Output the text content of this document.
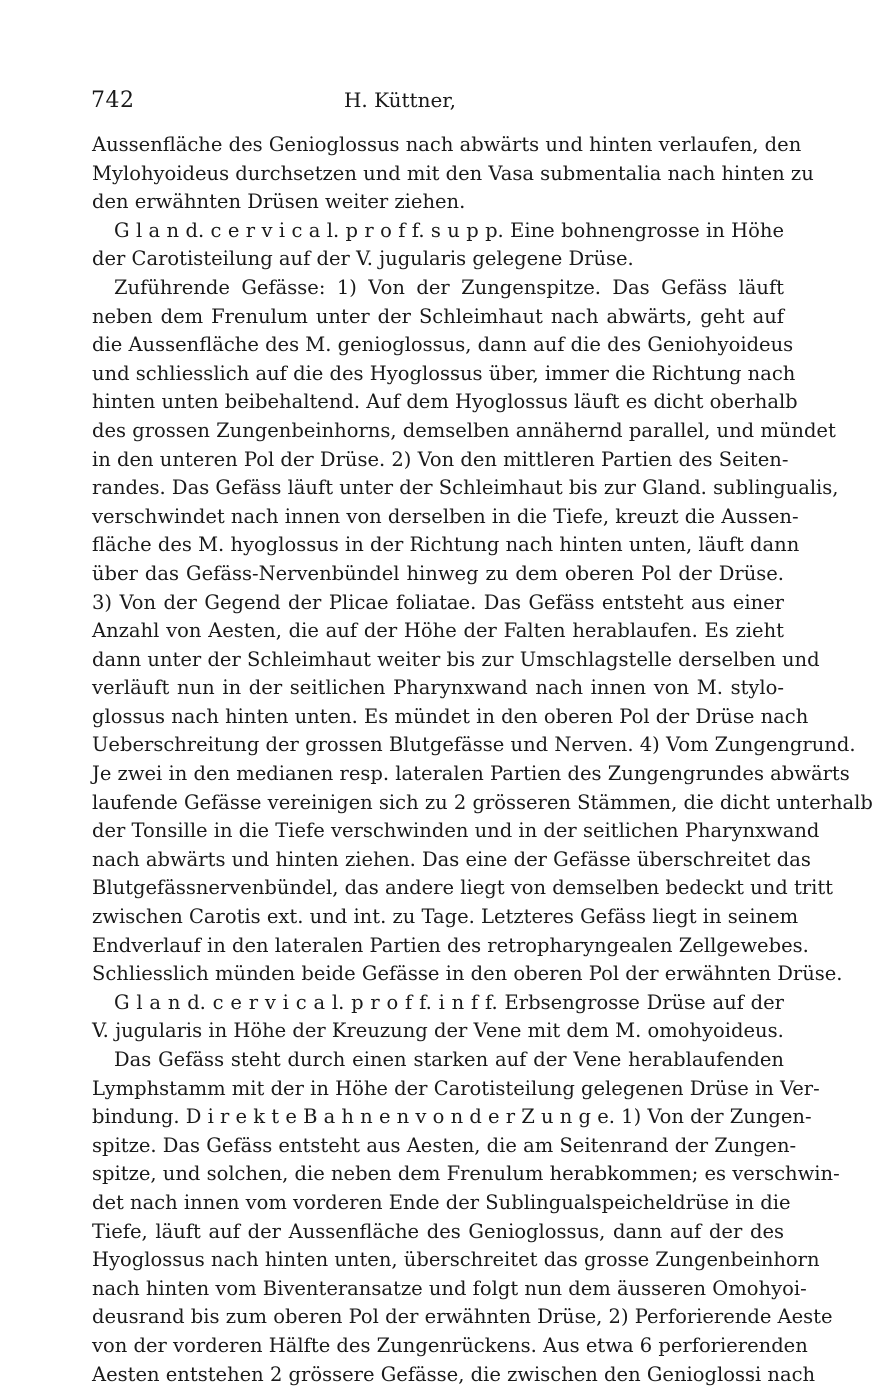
742	H. Küttner,
Aussenfläche des Genioglossus nach abwärts und hinten verlaufen, den
Mylohyoideus durchsetzen und mit den Vasa submentalia nach hinten zu
den erwähnten Drüsen weiter ziehen.
G l a n d. c e r v i c a l. p r o f f. s u p p. Eine bohnengrosse in Höhe
der Carotisteilung auf der V. jugularis gelegene Drüse.
Zuführende Gefässe: 1) Von der Zungenspitze. Das Gefäss läuft
neben dem Frenulum unter der Schleimhaut nach abwärts, geht auf
die Aussenfläche des M. genioglossus, dann auf die des Geniohyoideus
und schliesslich auf die des Hyoglossus über, immer die Richtung nach
hinten unten beibehaltend. Auf dem Hyoglossus läuft es dicht oberhalb
des grossen Zungenbeinhorns, demselben annähernd parallel, und mündet
in den unteren Pol der Drüse. 2) Von den mittleren Partien des Seiten-
randes. Das Gefäss läuft unter der Schleimhaut bis zur Gland. sublingualis,
verschwindet nach innen von derselben in die Tiefe, kreuzt die Aussen-
fläche des M. hyoglossus in der Richtung nach hinten unten, läuft dann
über das Gefäss-Nervenbündel hinweg zu dem oberen Pol der Drüse.
3) Von der Gegend der Plicae foliatae. Das Gefäss entsteht aus einer
Anzahl von Aesten, die auf der Höhe der Falten herablaufen. Es zieht
dann unter der Schleimhaut weiter bis zur Umschlagstelle derselben und
verläuft nun in der seitlichen Pharynxwand nach innen von M. stylo-
glossus nach hinten unten. Es mündet in den oberen Pol der Drüse nach
Ueberschreitung der grossen Blutgefässe und Nerven. 4) Vom Zungengrund.
Je zwei in den medianen resp. lateralen Partien des Zungengrundes abwärts
laufende Gefässe vereinigen sich zu 2 grösseren Stämmen, die dicht unterhalb
der Tonsille in die Tiefe verschwinden und in der seitlichen Pharynxwand
nach abwärts und hinten ziehen. Das eine der Gefässe überschreitet das
Blutgefässnervenbündel, das andere liegt von demselben bedeckt und tritt
zwischen Carotis ext. und int. zu Tage. Letzteres Gefäss liegt in seinem
Endverlauf in den lateralen Partien des retropharyngealen Zellgewebes.
Schliesslich münden beide Gefässe in den oberen Pol der erwähnten Drüse.
G l a n d. c e r v i c a l. p r o f f. i n f f. Erbsengrosse Drüse auf der
V. jugularis in Höhe der Kreuzung der Vene mit dem M. omohyoideus.
Das Gefäss steht durch einen starken auf der Vene herablaufenden
Lymphstamm mit der in Höhe der Carotisteilung gelegenen Drüse in Ver-
bindung. D i r e k t e B a h n e n v o n d e r Z u n g e. 1) Von der Zungen-
spitze. Das Gefäss entsteht aus Aesten, die am Seitenrand der Zungen-
spitze, und solchen, die neben dem Frenulum herabkommen; es verschwin-
det nach innen vom vorderen Ende der Sublingualspeicheldrüse in die
Tiefe, läuft auf der Aussenfläche des Genioglossus, dann auf der des
Hyoglossus nach hinten unten, überschreitet das grosse Zungenbeinhorn
nach hinten vom Biventeransatze und folgt nun dem äusseren Omohyoi-
deusrand bis zum oberen Pol der erwähnten Drüse, 2) Perforierende Aeste
von der vorderen Hälfte des Zungenrückens. Aus etwa 6 perforierenden
Aesten entstehen 2 grössere Gefässe, die zwischen den Genioglossi nach
